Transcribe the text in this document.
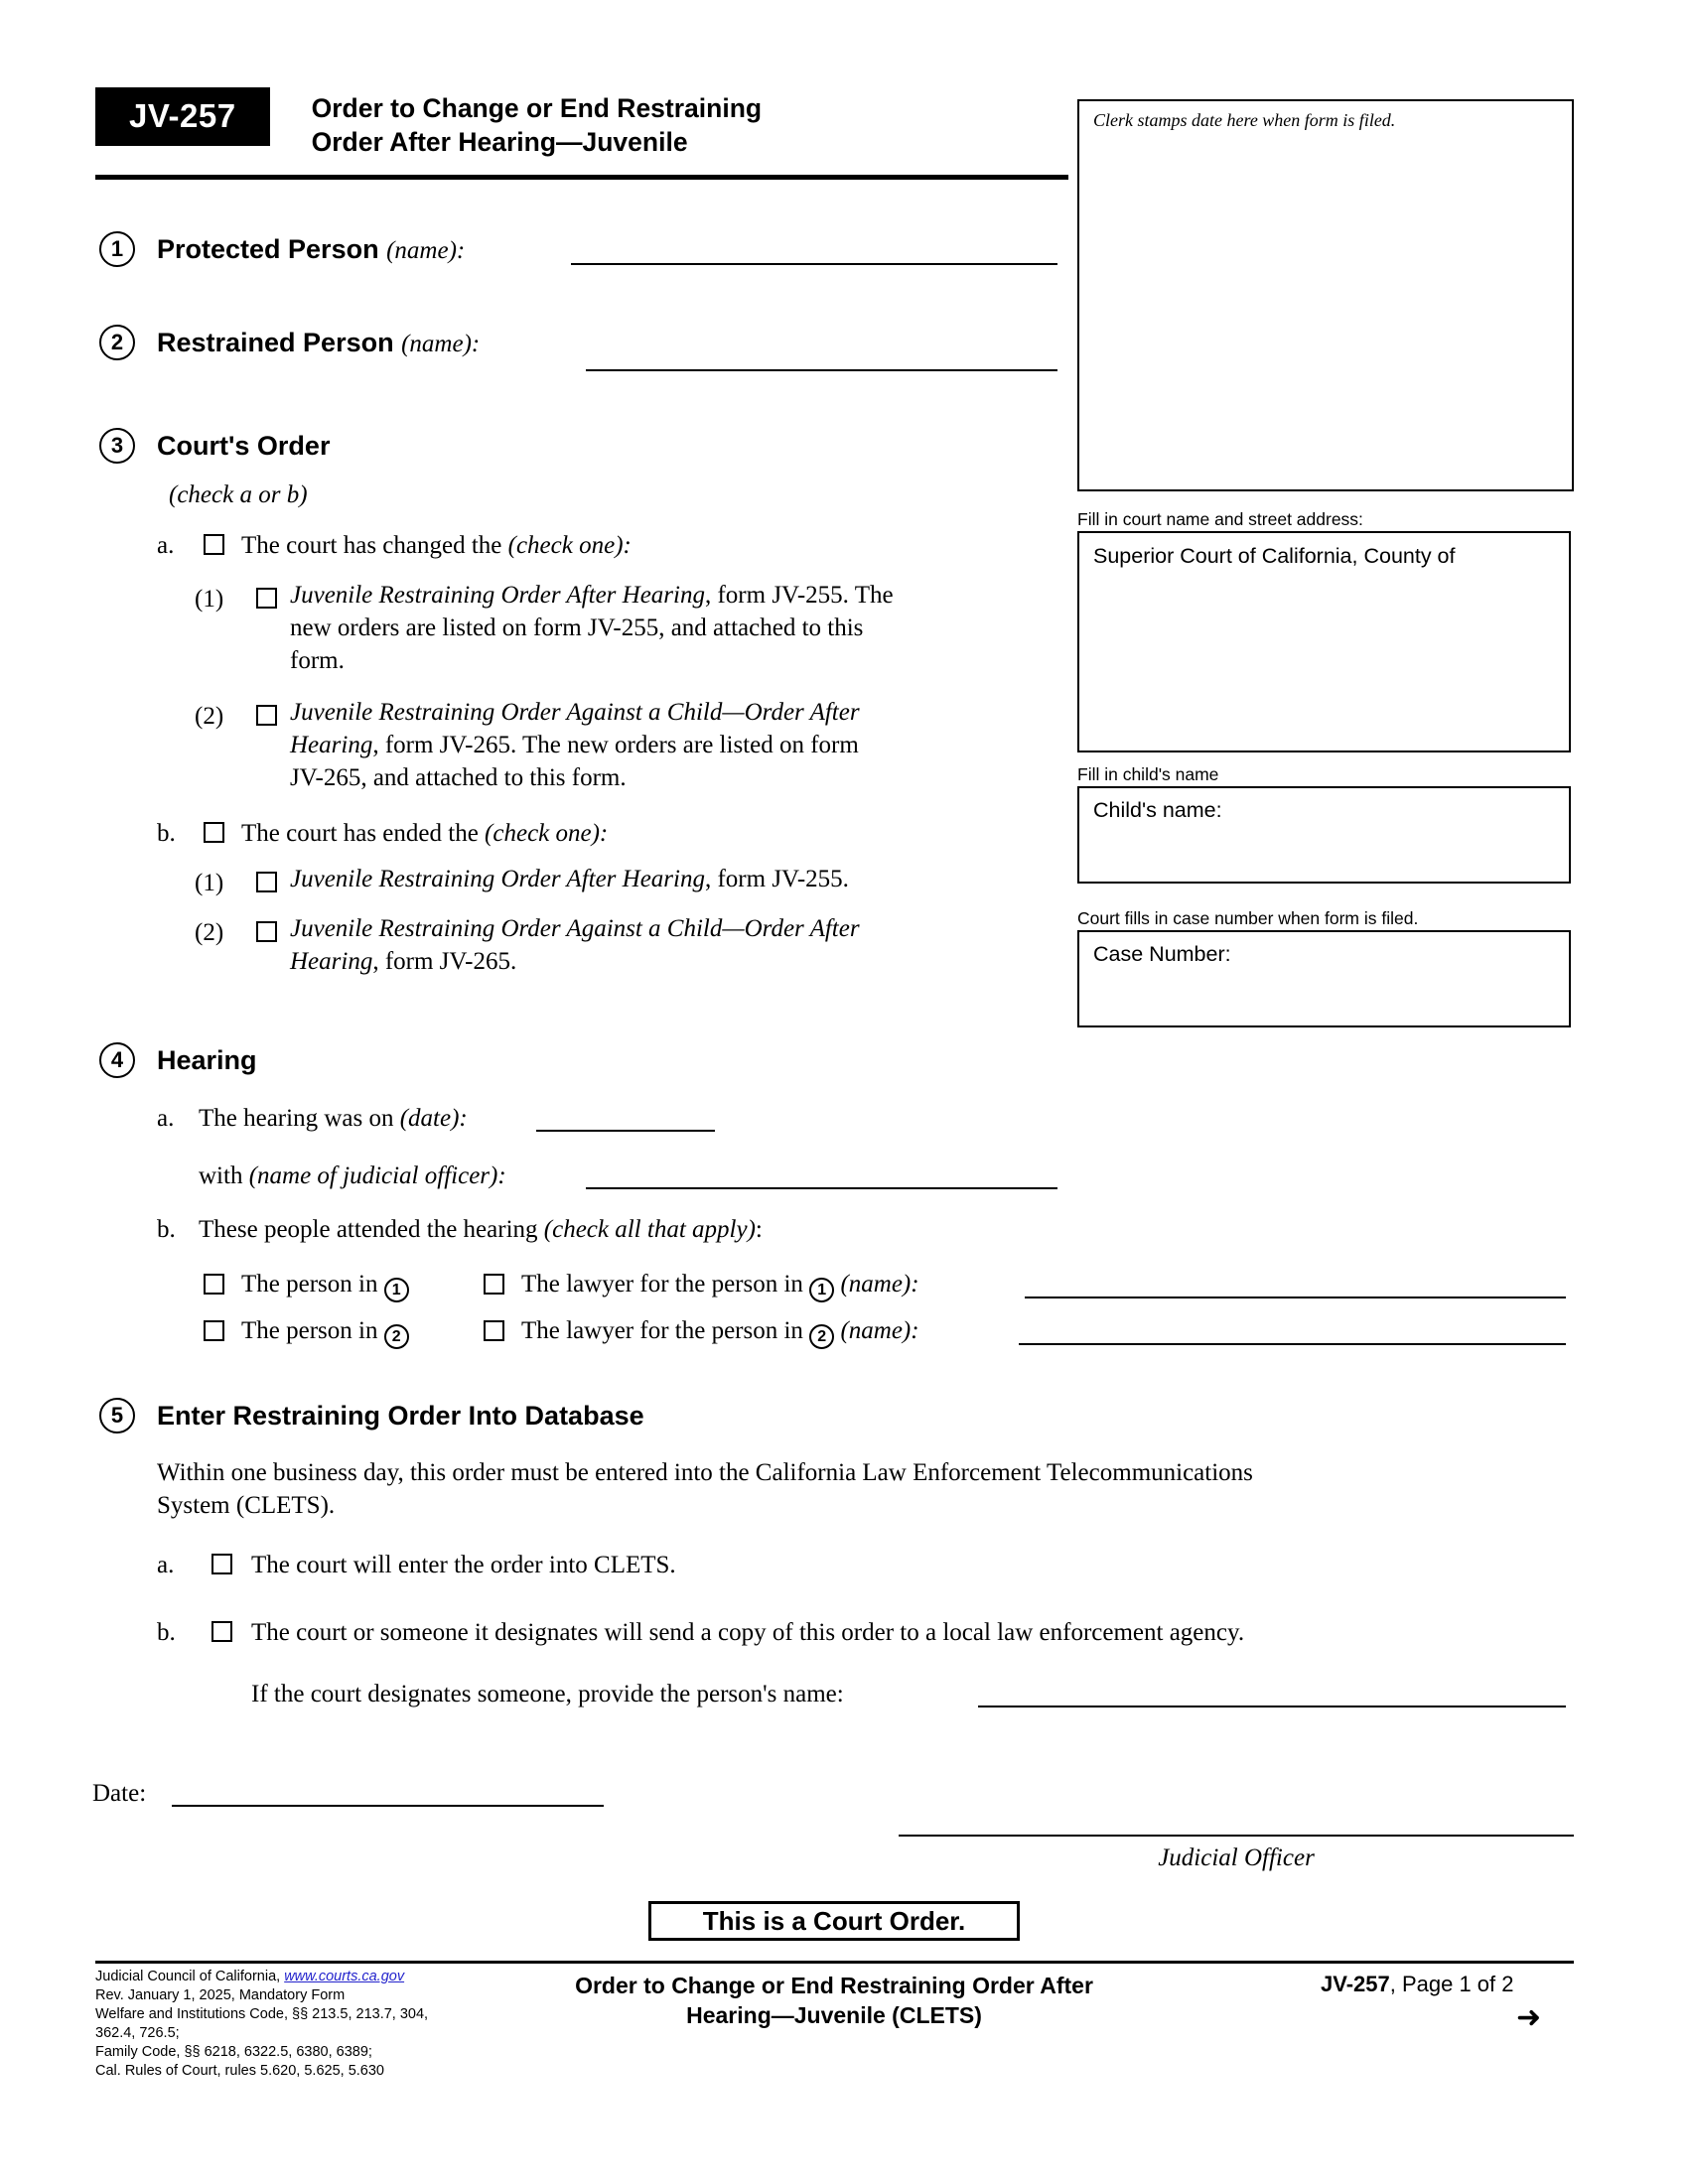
JV-257	Order to Change or End Restraining
Order After Hearing—Juvenile
Clerk stamps date here when form is filed.
Fill in court name and street address:
Superior Court of California, County of
Fill in child's name
Child's name:
Court fills in case number when form is filed.
Case Number:
1	Protected Person (name):
2	Restrained Person (name):
3	Court's Order
(check a or b)
a.	The court has changed the (check one):
(1)	Juvenile Restraining Order After Hearing, form JV-255. The
new orders are listed on form JV-255, and attached to this
form.
(2)	Juvenile Restraining Order Against a Child—Order After
Hearing, form JV-265. The new orders are listed on form
JV-265, and attached to this form.
b.	The court has ended the (check one):
(1)	Juvenile Restraining Order After Hearing, form JV-255.
(2)	Juvenile Restraining Order Against a Child—Order After
Hearing, form JV-265.
4	Hearing
a. The hearing was on (date):
with (name of judicial officer):
b. These people attended the hearing (check all that apply):
The person in 1	The lawyer for the person in 1 (name):
The person in 2	The lawyer for the person in 2 (name):
5	Enter Restraining Order Into Database
Within one business day, this order must be entered into the California Law Enforcement Telecommunications
System (CLETS).
a.	The court will enter the order into CLETS.
b.	The court or someone it designates will send a copy of this order to a local law enforcement agency.
If the court designates someone, provide the person's name:
Date:
Judicial Officer
This is a Court Order.
Judicial Council of California, www.courts.ca.gov
Rev. January 1, 2025, Mandatory Form
Welfare and Institutions Code, §§ 213.5, 213.7, 304,
362.4, 726.5;
Family Code, §§ 6218, 6322.5, 6380, 6389;
Cal. Rules of Court, rules 5.620, 5.625, 5.630
Order to Change or End Restraining Order After
Hearing—Juvenile (CLETS)
JV-257, Page 1 of 2
➜
